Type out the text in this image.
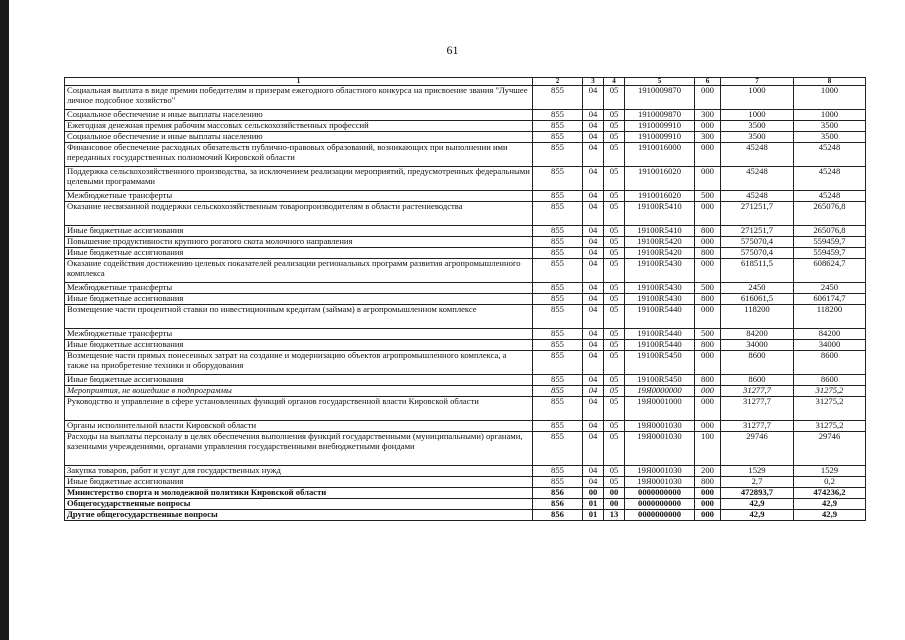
61
1	2	3	4	5	6	7	8
Социальная выплата в виде премии победителям и призерам ежегодного областного конкурса на присвоение звания "Лучшее личное подсобное хозяйство"	855	04	05	1910009870	000	1000	1000
Социальное обеспечение и иные выплаты населению	855	04	05	1910009870	300	1000	1000
Ежегодная денежная премия рабочим массовых сельскохозяйственных профессий	855	04	05	1910009910	000	3500	3500
Социальное обеспечение и иные выплаты населению	855	04	05	1910009910	300	3500	3500
Финансовое обеспечение расходных обязательств публично-правовых образований, возникающих при выполнении ими переданных государственных полномочий Кировской области	855	04	05	1910016000	000	45248	45248
Поддержка сельскохозяйственного производства, за исключением реализации мероприятий, предусмотренных федеральными целевыми программами	855	04	05	1910016020	000	45248	45248
Межбюджетные трансферты	855	04	05	1910016020	500	45248	45248
Оказание несвязанной поддержки сельскохозяйственным товаропроизводителям в области растениеводства	855	04	05	19100R5410	000	271251,7	265076,8
Иные бюджетные ассигнования	855	04	05	19100R5410	800	271251,7	265076,8
Повышение продуктивности крупного рогатого скота молочного направления	855	04	05	19100R5420	000	575070,4	559459,7
Иные бюджетные ассигнования	855	04	05	19100R5420	800	575070,4	559459,7
Оказание содействия достижению целевых показателей реализации региональных программ развития агропромышленного комплекса	855	04	05	19100R5430	000	618511,5	608624,7
Межбюджетные трансферты	855	04	05	19100R5430	500	2450	2450
Иные бюджетные ассигнования	855	04	05	19100R5430	800	616061,5	606174,7
Возмещение части процентной ставки по инвестиционным кредитам (займам) в агропромышленном комплексе	855	04	05	19100R5440	000	118200	118200
Межбюджетные трансферты	855	04	05	19100R5440	500	84200	84200
Иные бюджетные ассигнования	855	04	05	19100R5440	800	34000	34000
Возмещение части прямых понесенных затрат на создание и модернизацию объектов агропромышленного комплекса, а также на приобретение техники и оборудования	855	04	05	19100R5450	000	8600	8600
Иные бюджетные ассигнования	855	04	05	19100R5450	800	8600	8600
Мероприятия, не вошедшие в подпрограммы	855	04	05	19Я0000000	000	31277,7	31275,2
Руководство и управление в сфере установленных функций органов государственной власти Кировской области	855	04	05	19Я0001000	000	31277,7	31275,2
Органы исполнительной власти Кировской области	855	04	05	19Я0001030	000	31277,7	31275,2
Расходы на выплаты персоналу в целях обеспечения выполнения функций государственными (муниципальными) органами, казенными учреждениями, органами управления государственными внебюджетными фондами	855	04	05	19Я0001030	100	29746	29746
Закупка товаров, работ и услуг для государственных нужд	855	04	05	19Я0001030	200	1529	1529
Иные бюджетные ассигнования	855	04	05	19Я0001030	800	2,7	0,2
Министерство спорта и молодежной политики Кировской области	856	00	00	0000000000	000	472893,7	474236,2
Общегосударственные вопросы	856	01	00	0000000000	000	42,9	42,9
Другие общегосударственные вопросы	856	01	13	0000000000	000	42,9	42,9
